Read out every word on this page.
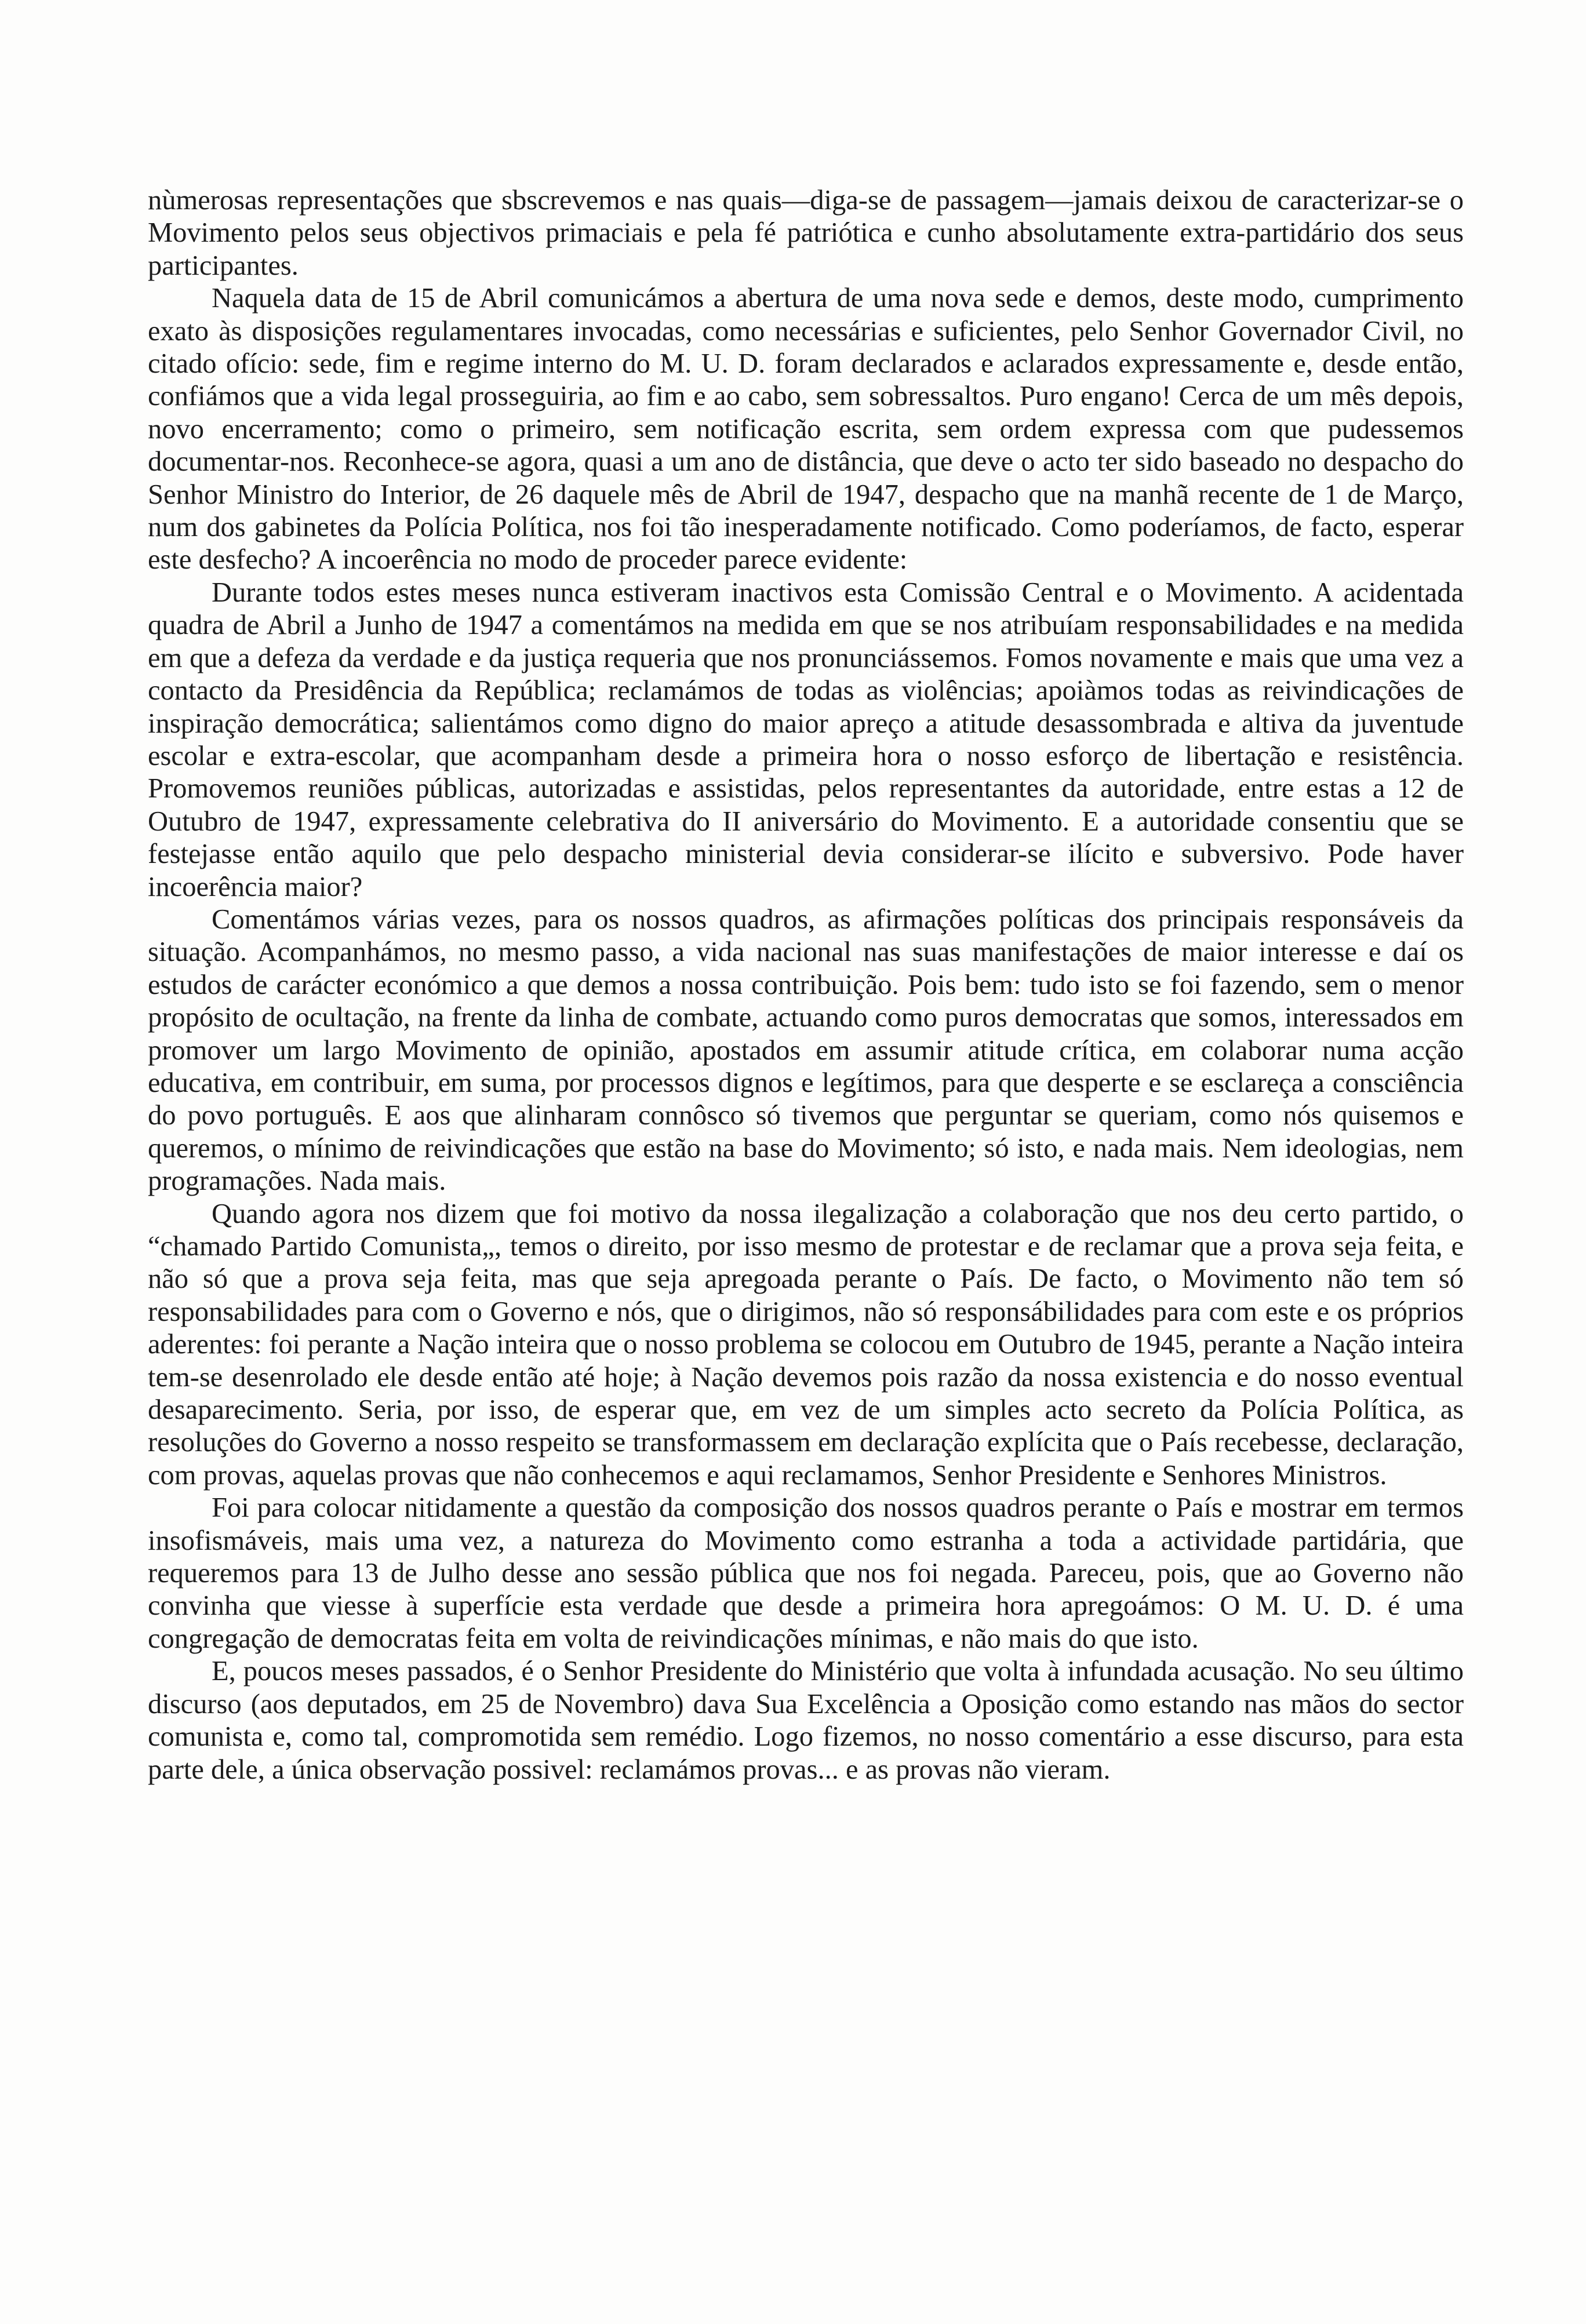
nùmerosas representações que sbscrevemos e nas quais—diga-se de passagem—jamais deixou de caracterizar-se o Movimento pelos seus objectivos primaciais e pela fé patriótica e cunho absolutamente extra-partidário dos seus participantes.

Naquela data de 15 de Abril comunicámos a abertura de uma nova sede e demos, deste modo, cumprimento exato às disposições regulamentares invocadas, como necessárias e suficientes, pelo Senhor Governador Civil, no citado ofício: sede, fim e regime interno do M. U. D. foram declarados e aclarados expressamente e, desde então, confiámos que a vida legal prosseguiria, ao fim e ao cabo, sem sobressaltos. Puro engano! Cerca de um mês depois, novo encerramento; como o primeiro, sem notificação escrita, sem ordem expressa com que pudessemos documentar-nos. Reconhece-se agora, quasi a um ano de distância, que deve o acto ter sido baseado no despacho do Senhor Ministro do Interior, de 26 daquele mês de Abril de 1947, despacho que na manhã recente de 1 de Março, num dos gabinetes da Polícia Política, nos foi tão inesperadamente notificado. Como poderíamos, de facto, esperar este desfecho? A incoerência no modo de proceder parece evidente:

Durante todos estes meses nunca estiveram inactivos esta Comissão Central e o Movimento. A acidentada quadra de Abril a Junho de 1947 a comentámos na medida em que se nos atribuíam responsabilidades e na medida em que a defeza da verdade e da justiça requeria que nos pronunciássemos. Fomos novamente e mais que uma vez a contacto da Presidência da República; reclamámos de todas as violências; apoiàmos todas as reivindicações de inspiração democrática; salientámos como digno do maior apreço a atitude desassombrada e altiva da juventude escolar e extra-escolar, que acompanham desde a primeira hora o nosso esforço de libertação e resistência. Promovemos reuniões públicas, autorizadas e assistidas, pelos representantes da autoridade, entre estas a 12 de Outubro de 1947, expressamente celebrativa do II aniversário do Movimento. E a autoridade consentiu que se festejasse então aquilo que pelo despacho ministerial devia considerar-se ilícito e subversivo. Pode haver incoerência maior?

Comentámos várias vezes, para os nossos quadros, as afirmações políticas dos principais responsáveis da situação. Acompanhámos, no mesmo passo, a vida nacional nas suas manifestações de maior interesse e daí os estudos de carácter económico a que demos a nossa contribuição. Pois bem: tudo isto se foi fazendo, sem o menor propósito de ocultação, na frente da linha de combate, actuando como puros democratas que somos, interessados em promover um largo Movimento de opinião, apostados em assumir atitude crítica, em colaborar numa acção educativa, em contribuir, em suma, por processos dignos e legítimos, para que desperte e se esclareça a consciência do povo português. E aos que alinharam connôsco só tivemos que perguntar se queriam, como nós quisemos e queremos, o mínimo de reivindicações que estão na base do Movimento; só isto, e nada mais. Nem ideologias, nem programações. Nada mais.

Quando agora nos dizem que foi motivo da nossa ilegalização a colaboração que nos deu certo partido, o “chamado Partido Comunista„, temos o direito, por isso mesmo de protestar e de reclamar que a prova seja feita, e não só que a prova seja feita, mas que seja apregoada perante o País. De facto, o Movimento não tem só responsabilidades para com o Governo e nós, que o dirigimos, não só responsábilidades para com este e os próprios aderentes: foi perante a Nação inteira que o nosso problema se colocou em Outubro de 1945, perante a Nação inteira tem-se desenrolado ele desde então até hoje; à Nação devemos pois razão da nossa existencia e do nosso eventual desaparecimento. Seria, por isso, de esperar que, em vez de um simples acto secreto da Polícia Política, as resoluções do Governo a nosso respeito se transformassem em declaração explícita que o País recebesse, declaração, com provas, aquelas provas que não conhecemos e aqui reclamamos, Senhor Presidente e Senhores Ministros.

Foi para colocar nitidamente a questão da composição dos nossos quadros perante o País e mostrar em termos insofismáveis, mais uma vez, a natureza do Movimento como estranha a toda a actividade partidária, que requeremos para 13 de Julho desse ano sessão pública que nos foi negada. Pareceu, pois, que ao Governo não convinha que viesse à superfície esta verdade que desde a primeira hora apregoámos: O M. U. D. é uma congregação de democratas feita em volta de reivindicações mínimas, e não mais do que isto.

E, poucos meses passados, é o Senhor Presidente do Ministério que volta à infundada acusação. No seu último discurso (aos deputados, em 25 de Novembro) dava Sua Excelência a Oposição como estando nas mãos do sector comunista e, como tal, compromotida sem remédio. Logo fizemos, no nosso comentário a esse discurso, para esta parte dele, a única observação possivel: reclamámos provas... e as provas não vieram.
